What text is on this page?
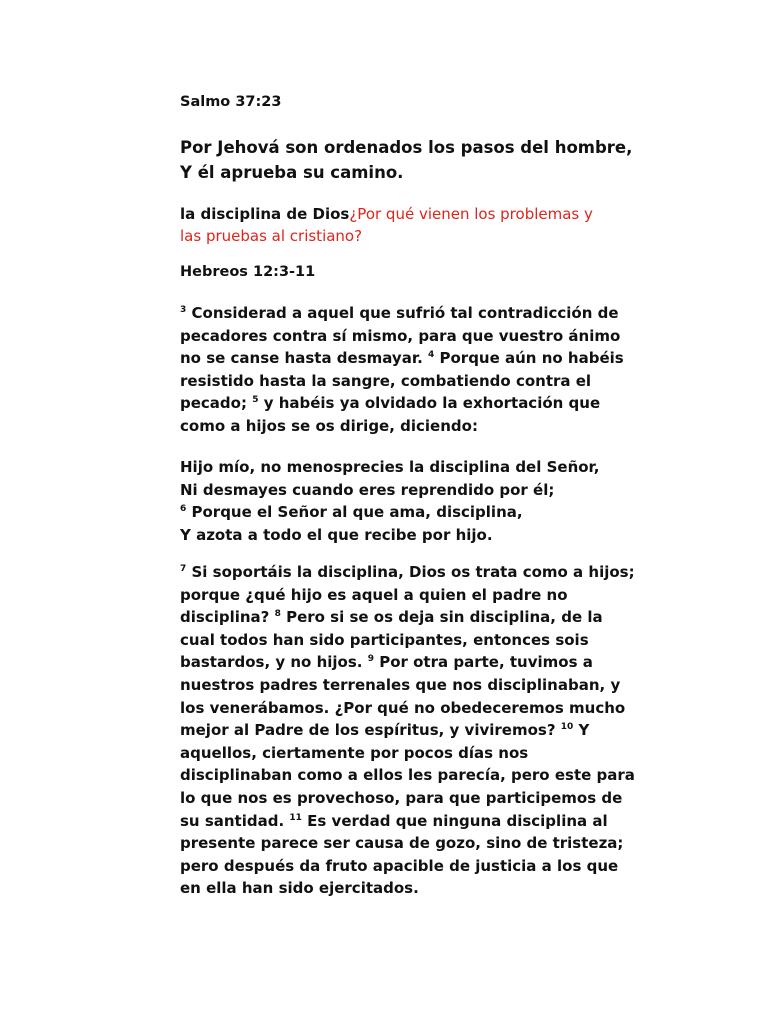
Salmo 37:23
Por Jehová son ordenados los pasos del hombre,
Y él aprueba su camino.
la disciplina de Dios¿Por qué vienen los problemas y
las pruebas al cristiano?
Hebreos 12:3-11
$^3$ Considerad a aquel que sufrió tal contradicción de
pecadores contra sí mismo, para que vuestro ánimo
no se canse hasta desmayar. $^4$ Porque aún no habéis
resistido hasta la sangre, combatiendo contra el
pecado; $^5$ y habéis ya olvidado la exhortación que
como a hijos se os dirige, diciendo:
Hijo mío, no menosprecies la disciplina del Señor,
Ni desmayes cuando eres reprendido por él;
$^6$ Porque el Señor al que ama, disciplina,
Y azota a todo el que recibe por hijo.
$^7$ Si soportáis la disciplina, Dios os trata como a hijos;
porque ¿qué hijo es aquel a quien el padre no
disciplina? $^8$ Pero si se os deja sin disciplina, de la
cual todos han sido participantes, entonces sois
bastardos, y no hijos. $^9$ Por otra parte, tuvimos a
nuestros padres terrenales que nos disciplinaban, y
los venerábamos. ¿Por qué no obedeceremos mucho
mejor al Padre de los espíritus, y viviremos? $^{10}$ Y
aquellos, ciertamente por pocos días nos
disciplinaban como a ellos les parecía, pero este para
lo que nos es provechoso, para que participemos de
su santidad. $^{11}$ Es verdad que ninguna disciplina al
presente parece ser causa de gozo, sino de tristeza;
pero después da fruto apacible de justicia a los que
en ella han sido ejercitados.
